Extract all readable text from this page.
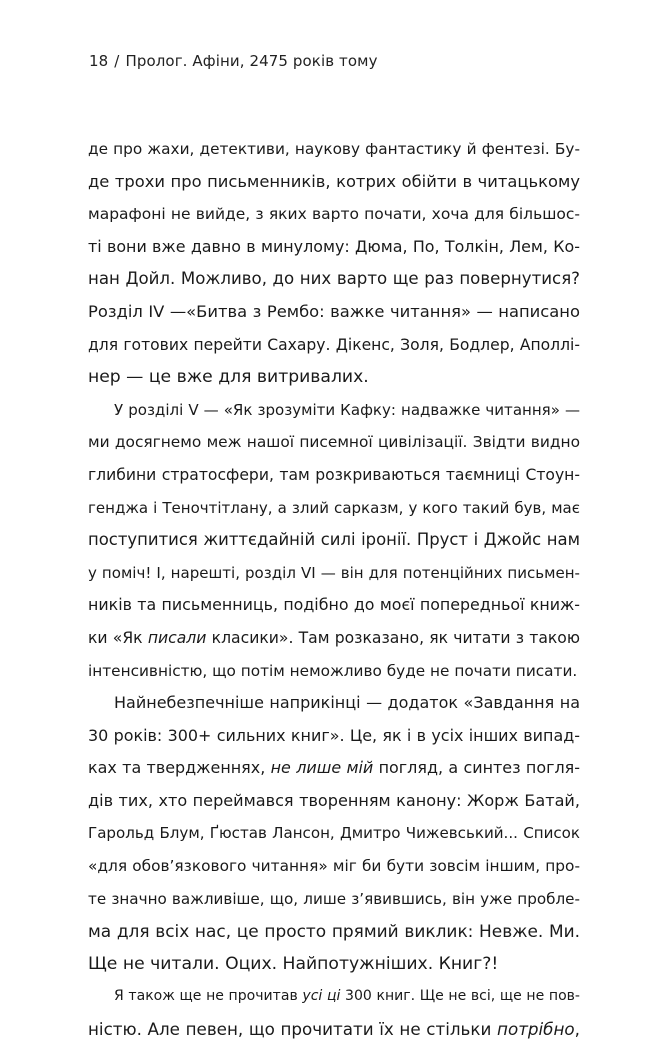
18 / Пролог. Афіни, 2475 років тому
де про жахи, детективи, наукову фантастику й фентезі. Бу-
де трохи про письменників, котрих обійти в читацькому
марафоні не вийде, з яких варто почати, хоча для більшос-
ті вони вже давно в минулому: Дюма, По, Толкін, Лем, Ко-
нан Дойл. Можливо, до них варто ще раз повернутися?
Розділ IV —«Битва з Рембо: важке читання» — написано
для готових перейти Сахару. Дікенс, Золя, Бодлер, Аполлі-
нер — це вже для витривалих.
У розділі V — «Як зрозуміти Кафку: надважке читання» —
ми досягнемо меж нашої писемної цивілізації. Звідти видно
глибини стратосфери, там розкриваються таємниці Стоун-
генджа і Теночтітлану, а злий сарказм, у кого такий був, має
поступитися життєдайній силі іронії. Пруст і Джойс нам
у поміч! І, нарешті, розділ VI — він для потенційних письмен-
ників та письменниць, подібно до моєї попередньої книж-
ки «Як писали класики». Там розказано, як читати з такою
інтенсивністю, що потім неможливо буде не почати писати.
Найнебезпечніше наприкінці — додаток «Завдання на
30 років: 300+ сильних книг». Це, як і в усіх інших випад-
ках та твердженнях, не лише мій погляд, а синтез погля-
дів тих, хто переймався творенням канону: Жорж Батай,
Гарольд Блум, Ґюстав Лансон, Дмитро Чижевський... Список
«для обов’язкового читання» міг би бути зовсім іншим, про-
те значно важливіше, що, лише з’явившись, він уже пробле-
ма для всіх нас, це просто прямий виклик: Невже. Ми.
Ще не читали. Оцих. Найпотужніших. Книг?!
Я також ще не прочитав усі ці 300 книг. Ще не всі, ще не пов-
ністю. Але певен, що прочитати їх не стільки потрібно,
